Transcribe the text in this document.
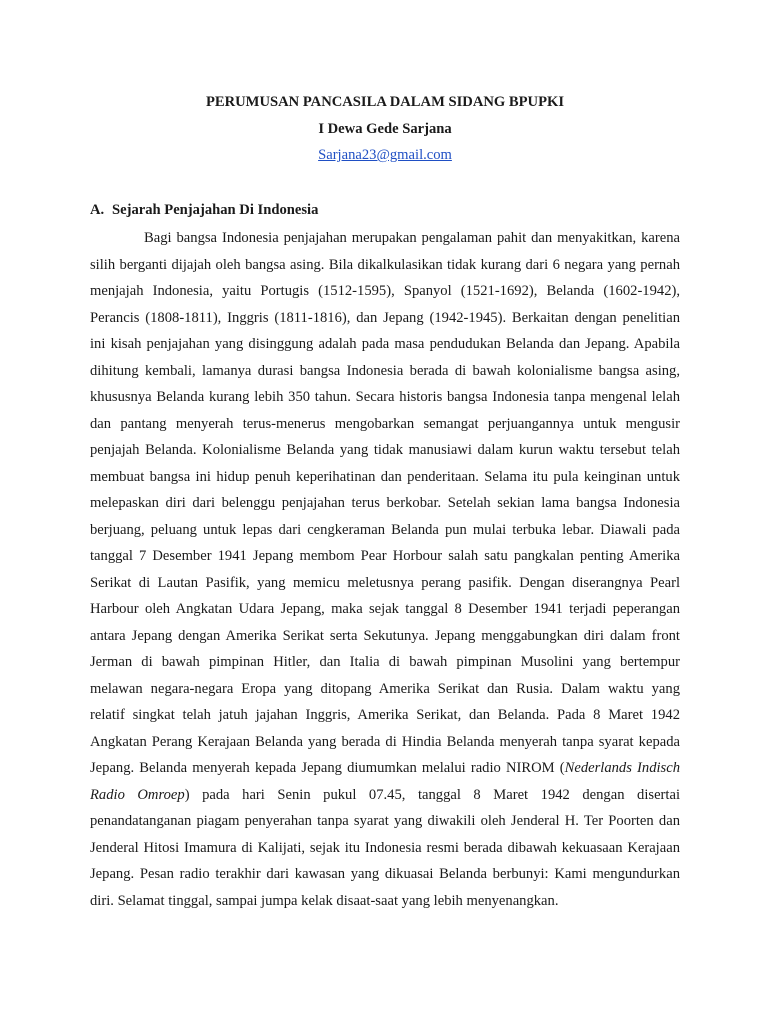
PERUMUSAN PANCASILA DALAM SIDANG BPUPKI
I Dewa Gede Sarjana
Sarjana23@gmail.com
A. Sejarah Penjajahan Di Indonesia
Bagi bangsa Indonesia penjajahan merupakan pengalaman pahit dan menyakitkan, karena
silih berganti dijajah oleh bangsa asing. Bila dikalkulasikan tidak kurang dari 6 negara yang pernah
menjajah Indonesia, yaitu Portugis (1512-1595), Spanyol (1521-1692), Belanda (1602-1942),
Perancis (1808-1811), Inggris (1811-1816), dan Jepang (1942-1945). Berkaitan dengan penelitian
ini kisah penjajahan yang disinggung adalah pada masa pendudukan Belanda dan Jepang. Apabila
dihitung kembali, lamanya durasi bangsa Indonesia berada di bawah kolonialisme bangsa asing,
khususnya Belanda kurang lebih 350 tahun. Secara historis bangsa Indonesia tanpa mengenal lelah
dan pantang menyerah terus-menerus mengobarkan semangat perjuangannya untuk mengusir
penjajah Belanda. Kolonialisme Belanda yang tidak manusiawi dalam kurun waktu tersebut telah
membuat bangsa ini hidup penuh keperihatinan dan penderitaan. Selama itu pula keinginan untuk
melepaskan diri dari belenggu penjajahan terus berkobar. Setelah sekian lama bangsa Indonesia
berjuang, peluang untuk lepas dari cengkeraman Belanda pun mulai terbuka lebar. Diawali pada
tanggal 7 Desember 1941 Jepang membom Pear Horbour salah satu pangkalan penting Amerika
Serikat di Lautan Pasifik, yang memicu meletusnya perang pasifik. Dengan diserangnya Pearl
Harbour oleh Angkatan Udara Jepang, maka sejak tanggal 8 Desember 1941 terjadi peperangan
antara Jepang dengan Amerika Serikat serta Sekutunya. Jepang menggabungkan diri dalam front
Jerman di bawah pimpinan Hitler, dan Italia di bawah pimpinan Musolini yang bertempur
melawan negara-negara Eropa yang ditopang Amerika Serikat dan Rusia. Dalam waktu yang
relatif singkat telah jatuh jajahan Inggris, Amerika Serikat, dan Belanda. Pada 8 Maret 1942
Angkatan Perang Kerajaan Belanda yang berada di Hindia Belanda menyerah tanpa syarat kepada
Jepang. Belanda menyerah kepada Jepang diumumkan melalui radio NIROM (Nederlands Indisch
Radio Omroep) pada hari Senin pukul 07.45, tanggal 8 Maret 1942 dengan disertai
penandatanganan piagam penyerahan tanpa syarat yang diwakili oleh Jenderal H. Ter Poorten dan
Jenderal Hitosi Imamura di Kalijati, sejak itu Indonesia resmi berada dibawah kekuasaan Kerajaan
Jepang. Pesan radio terakhir dari kawasan yang dikuasai Belanda berbunyi: Kami mengundurkan
diri. Selamat tinggal, sampai jumpa kelak disaat-saat yang lebih menyenangkan.
